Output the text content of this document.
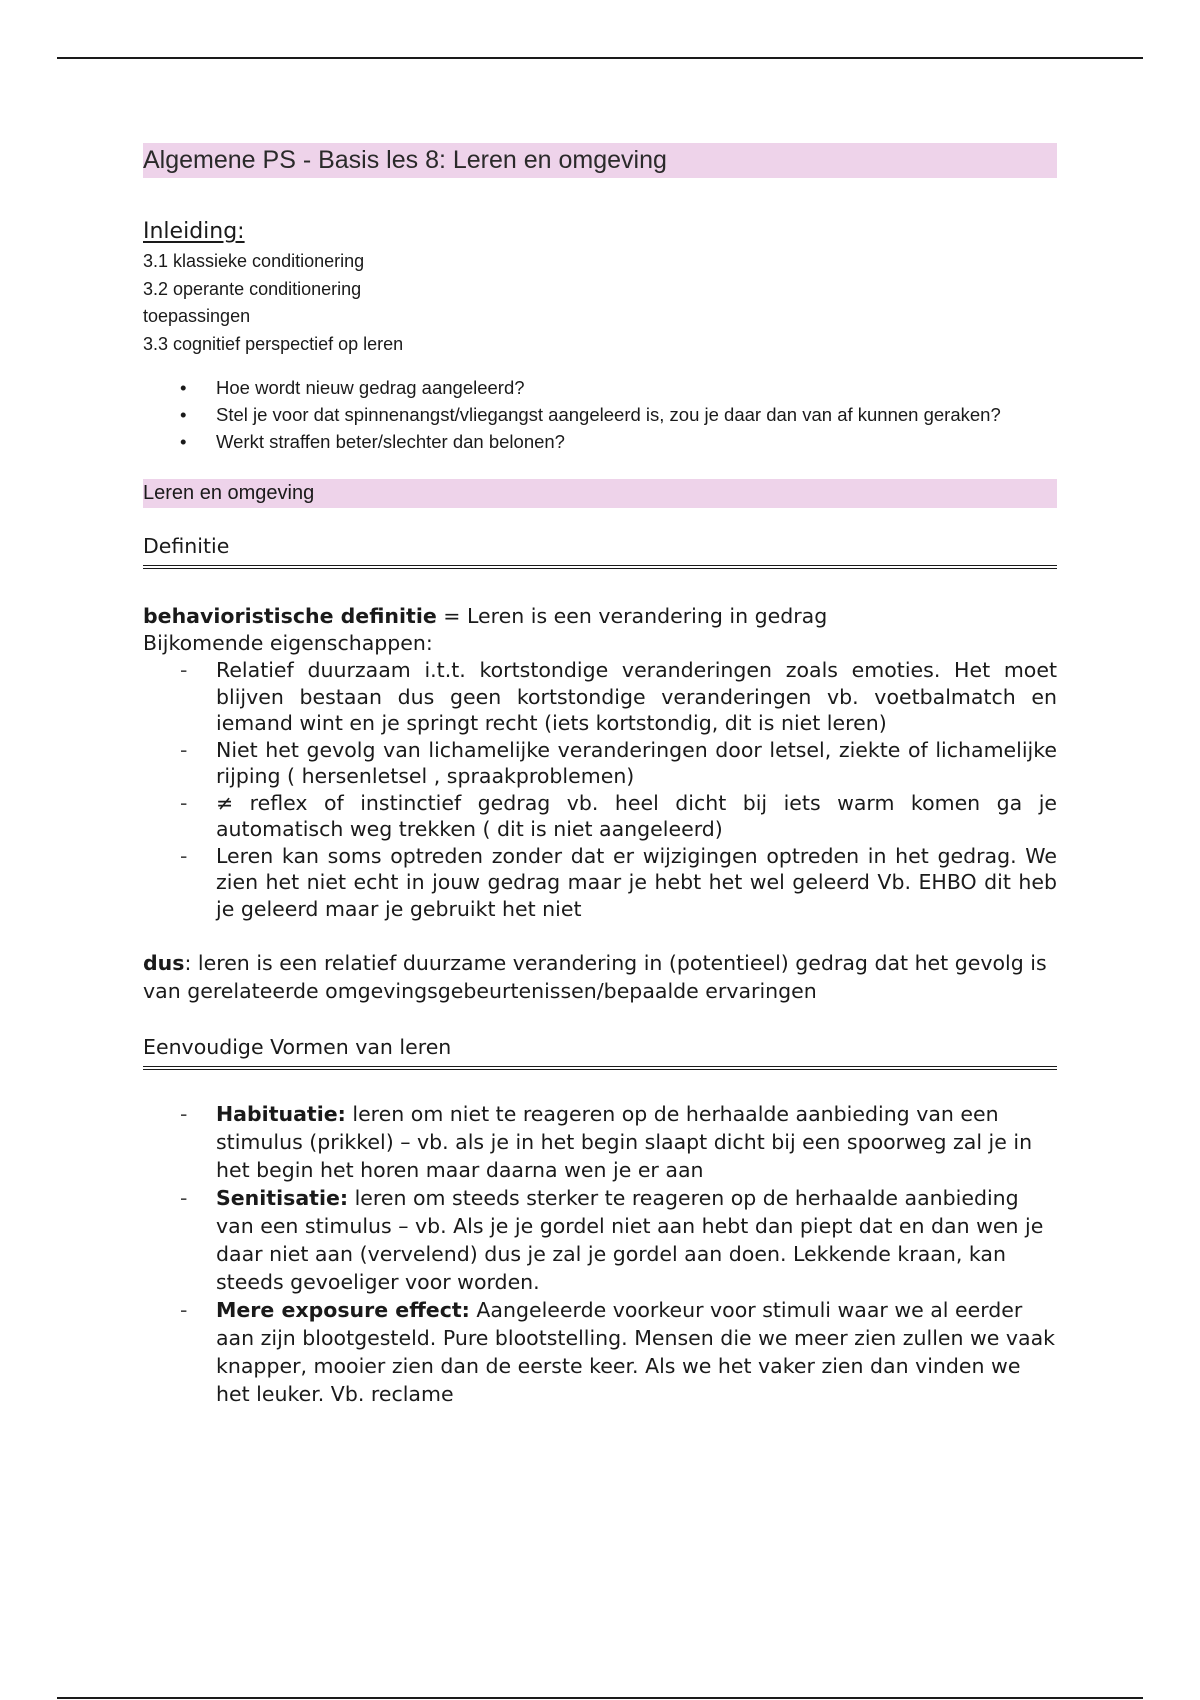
Algemene PS - Basis les 8: Leren en omgeving
Inleiding:
3.1 klassieke conditionering
3.2 operante conditionering
toepassingen
3.3 cognitief perspectief op leren
• Hoe wordt nieuw gedrag aangeleerd?
• Stel je voor dat spinnenangst/vliegangst aangeleerd is, zou je daar dan van af kunnen geraken?
• Werkt straffen beter/slechter dan belonen?
Leren en omgeving
Definitie
behavioristische definitie = Leren is een verandering in gedrag
Bijkomende eigenschappen:
- Relatief duurzaam i.t.t. kortstondige veranderingen zoals emoties. Het moet blijven bestaan dus geen kortstondige veranderingen vb. voetbalmatch en iemand wint en je springt recht (iets kortstondig, dit is niet leren)
- Niet het gevolg van lichamelijke veranderingen door letsel, ziekte of lichamelijke rijping ( hersenletsel , spraakproblemen)
- ≠ reflex of instinctief gedrag vb. heel dicht bij iets warm komen ga je automatisch weg trekken ( dit is niet aangeleerd)
- Leren kan soms optreden zonder dat er wijzigingen optreden in het gedrag. We zien het niet echt in jouw gedrag maar je hebt het wel geleerd Vb. EHBO dit heb je geleerd maar je gebruikt het niet
dus: leren is een relatief duurzame verandering in (potentieel) gedrag dat het gevolg is van gerelateerde omgevingsgebeurtenissen/bepaalde ervaringen
Eenvoudige Vormen van leren
- Habituatie: leren om niet te reageren op de herhaalde aanbieding van een stimulus (prikkel) – vb. als je in het begin slaapt dicht bij een spoorweg zal je in het begin het horen maar daarna wen je er aan
- Senitisatie: leren om steeds sterker te reageren op de herhaalde aanbieding van een stimulus – vb. Als je je gordel niet aan hebt dan piept dat en dan wen je daar niet aan (vervelend) dus je zal je gordel aan doen. Lekkende kraan, kan steeds gevoeliger voor worden.
- Mere exposure effect: Aangeleerde voorkeur voor stimuli waar we al eerder aan zijn blootgesteld. Pure blootstelling. Mensen die we meer zien zullen we vaak knapper, mooier zien dan de eerste keer. Als we het vaker zien dan vinden we het leuker. Vb. reclame
